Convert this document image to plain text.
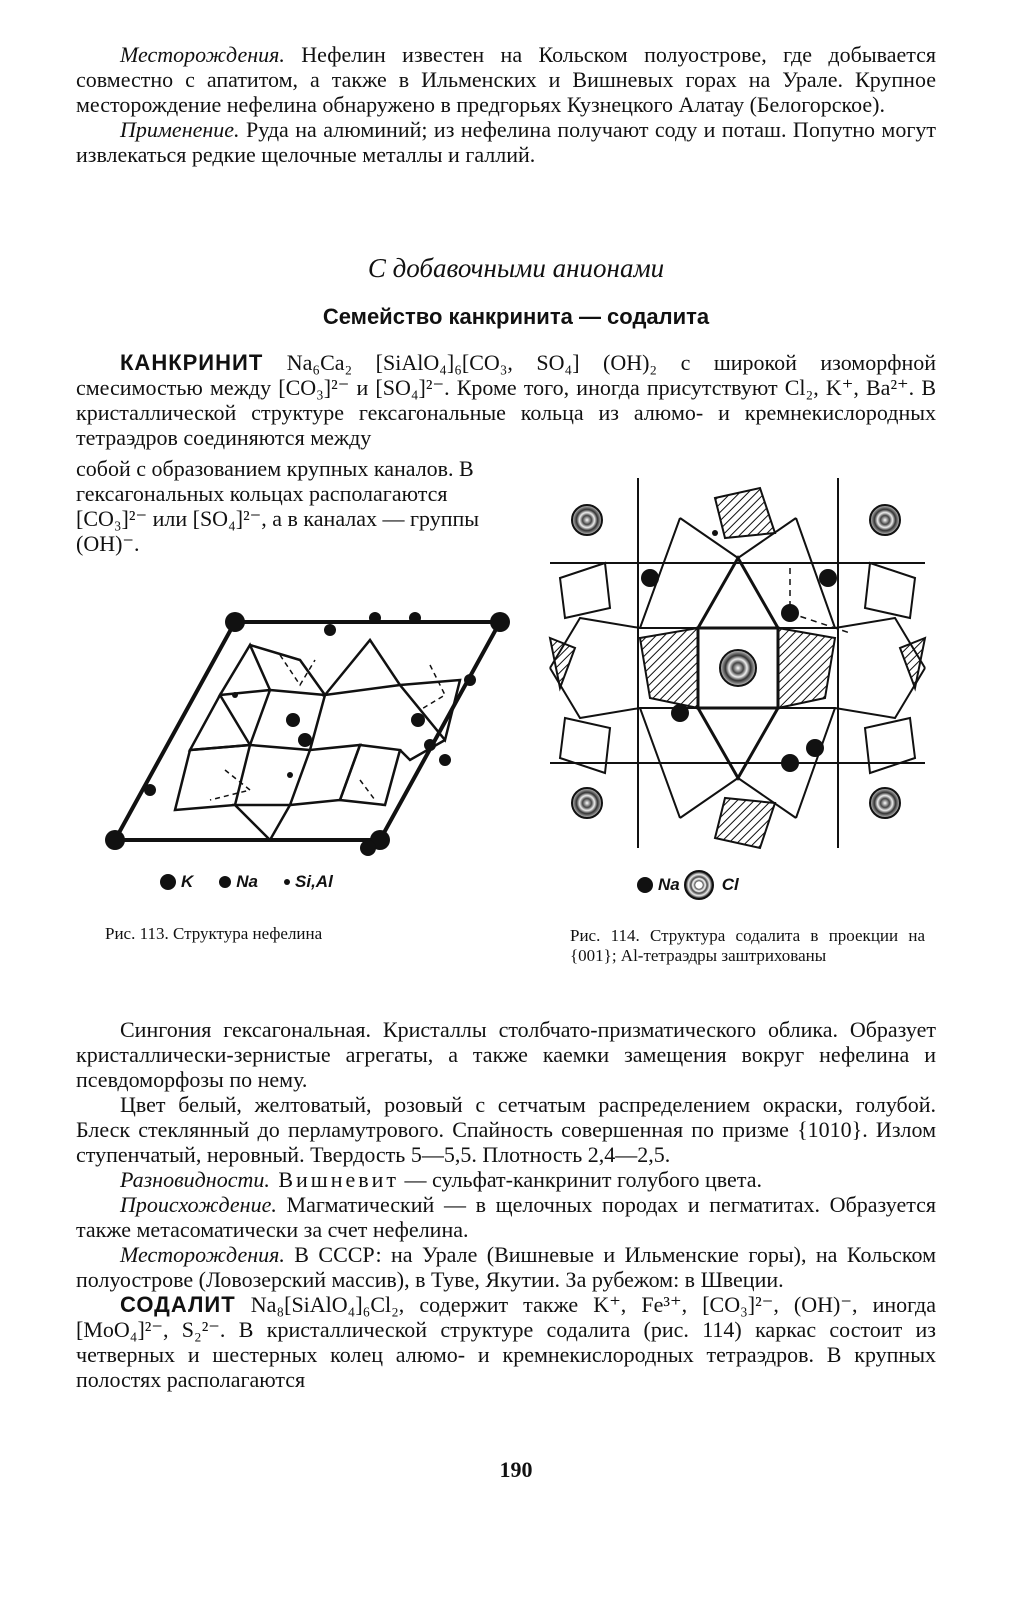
Месторождения. Нефелин известен на Кольском полуострове, где добывается совместно с апатитом, а также в Ильменских и Вишневых горах на Урале. Крупное месторождение нефелина обнаружено в предгорьях Кузнецкого Алатау (Белогорское).

Применение. Руда на алюминий; из нефелина получают соду и поташ. Попутно могут извлекаться редкие щелочные металлы и галлий.

С добавочными анионами

Семейство канкринита — содалита

КАНКРИНИТ Na₆Ca₂ [SiAlO₄]₆[CO₃, SO₄] (OH)₂ с широкой изоморфной смесимостью между [CO₃]²⁻ и [SO₄]²⁻. Кроме того, иногда присутствуют Cl₂, K⁺, Ba²⁺. В кристаллической структуре гексагональные кольца из алюмо- и кремнекислородных тетраэдров соединяются между

собой с образованием крупных каналов. В гексагональных кольцах располагаются [CO₃]²⁻ или [SO₄]²⁻, а в каналах — группы (OH)⁻.

K	Na Si,Al

Рис. 113. Структура нефелина

Na Cl

Рис. 114. Структура содалита в проекции на {001}; Al-тетраэдры заштрихованы

Сингония гексагональная. Кристаллы столбчато-призматического облика. Образует кристаллически-зернистые агрегаты, а также каемки замещения вокруг нефелина и псевдоморфозы по нему.

Цвет белый, желтоватый, розовый с сетчатым распределением окраски, голубой. Блеск стеклянный до перламутрового. Спайность совершенная по призме {1010}. Излом ступенчатый, неровный. Твердость 5—5,5. Плотность 2,4—2,5.

Разновидности. Вишневит — сульфат-канкринит голубого цвета.

Происхождение. Магматический — в щелочных породах и пегматитах. Образуется также метасоматически за счет нефелина.

Месторождения. В СССР: на Урале (Вишневые и Ильменские горы), на Кольском полуострове (Ловозерский массив), в Туве, Якутии. За рубежом: в Швеции.

СОДАЛИТ Na₈[SiAlO₄]₆Cl₂, содержит также K⁺, Fe³⁺, [CO₃]²⁻, (OH)⁻, иногда [MoO₄]²⁻, S₂²⁻. В кристаллической структуре содалита (рис. 114) каркас состоит из четверных и шестерных колец алюмо- и кремнекислородных тетраэдров. В крупных полостях располагаются

190
